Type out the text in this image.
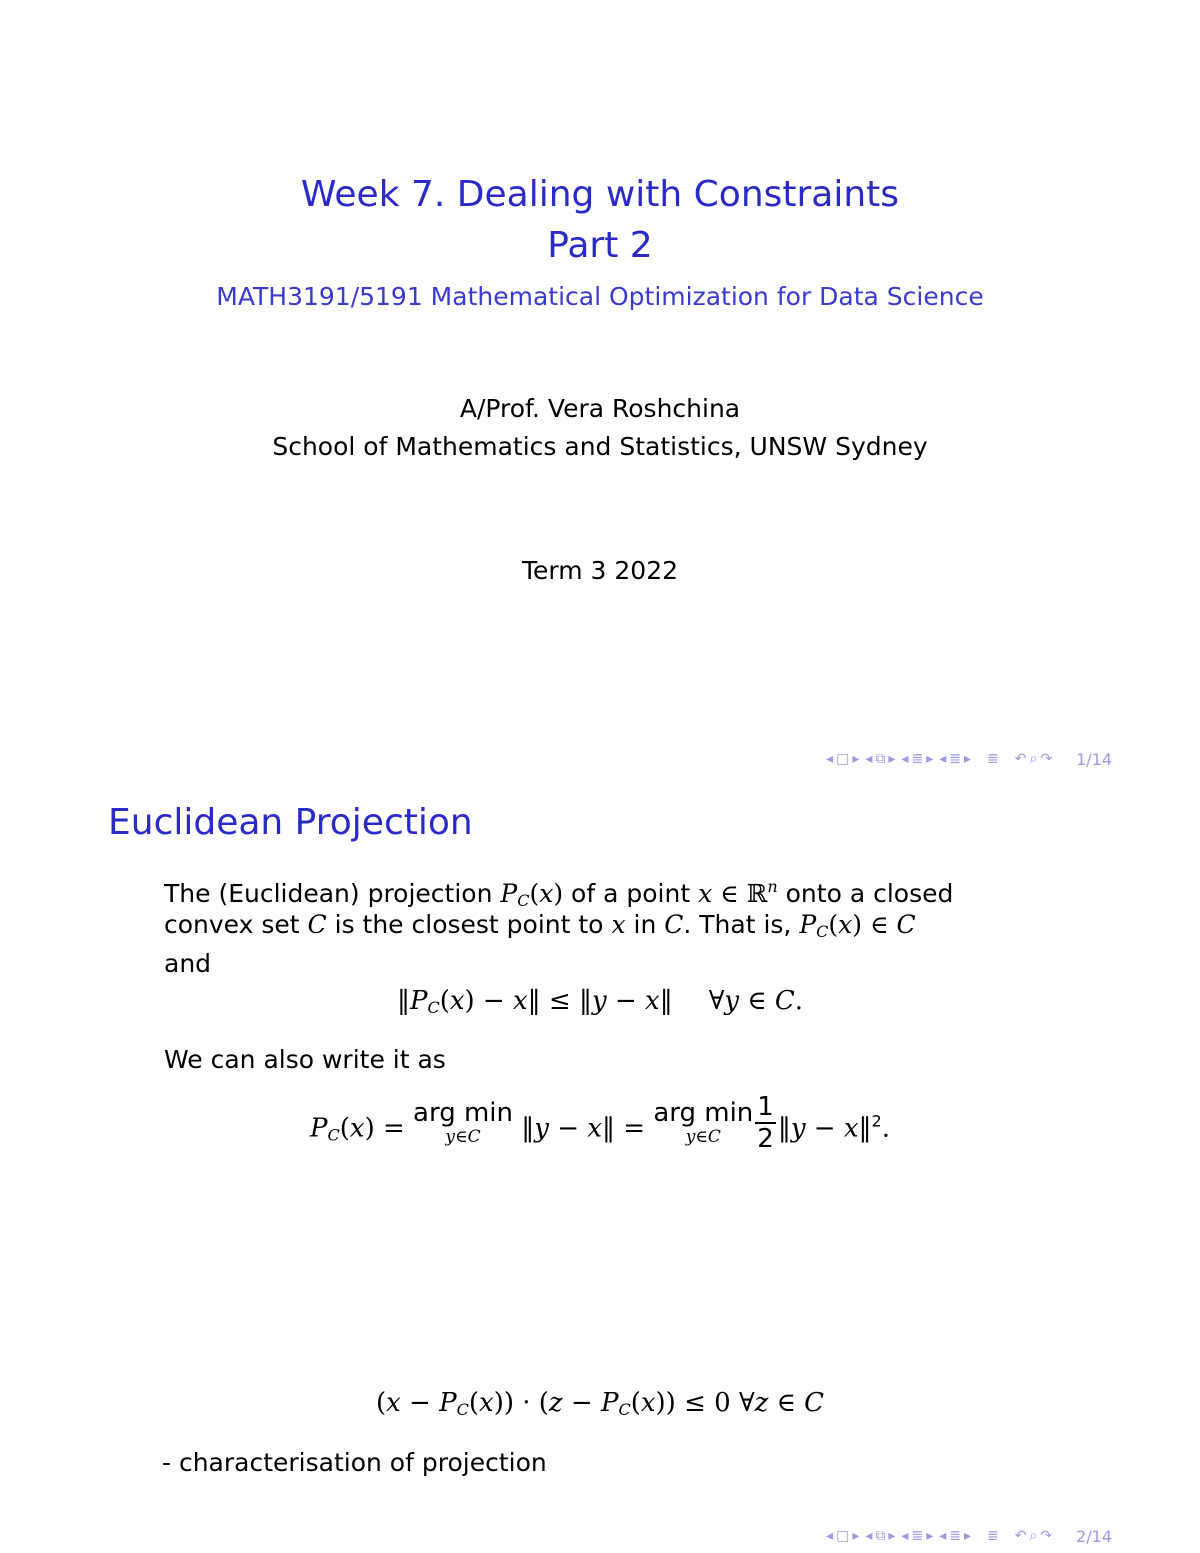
Week 7. Dealing with Constraints
Part 2
MATH3191/5191 Mathematical Optimization for Data Science
A/Prof. Vera Roshchina
School of Mathematics and Statistics, UNSW Sydney
Term 3 2022
◂ □ ▸ ◂ ⧉ ▸ ◂ ≣ ▸ ◂ ≣ ▸ ≣ ↶ ⌕ ↷ 1/14
Euclidean Projection
The (Euclidean) projection $P_C(x)$ of a point x ∈ ℝ$^n$ onto a closed
convex set C is the closest point to x in C. That is, $P_C(x)$ ∈ C
and
$‖P_C(x)$ − x‖ ≤ ‖y − x‖ ∀y ∈ C.
We can also write it as
$P_C(x)$ = arg min
y∈C	‖y − x‖ = arg min
y∈C	$\frac{1}{2}$ ‖y − x‖$^2$.
$(x - P_C(x)) \cdot (z - P_C(x)) \le 0$ ∀z ∈ C
- characterisation of projection
◂ □ ▸ ◂ ⧉ ▸ ◂ ≣ ▸ ◂ ≣ ▸ ≣ ↶ ⌕ ↷ 2/14
